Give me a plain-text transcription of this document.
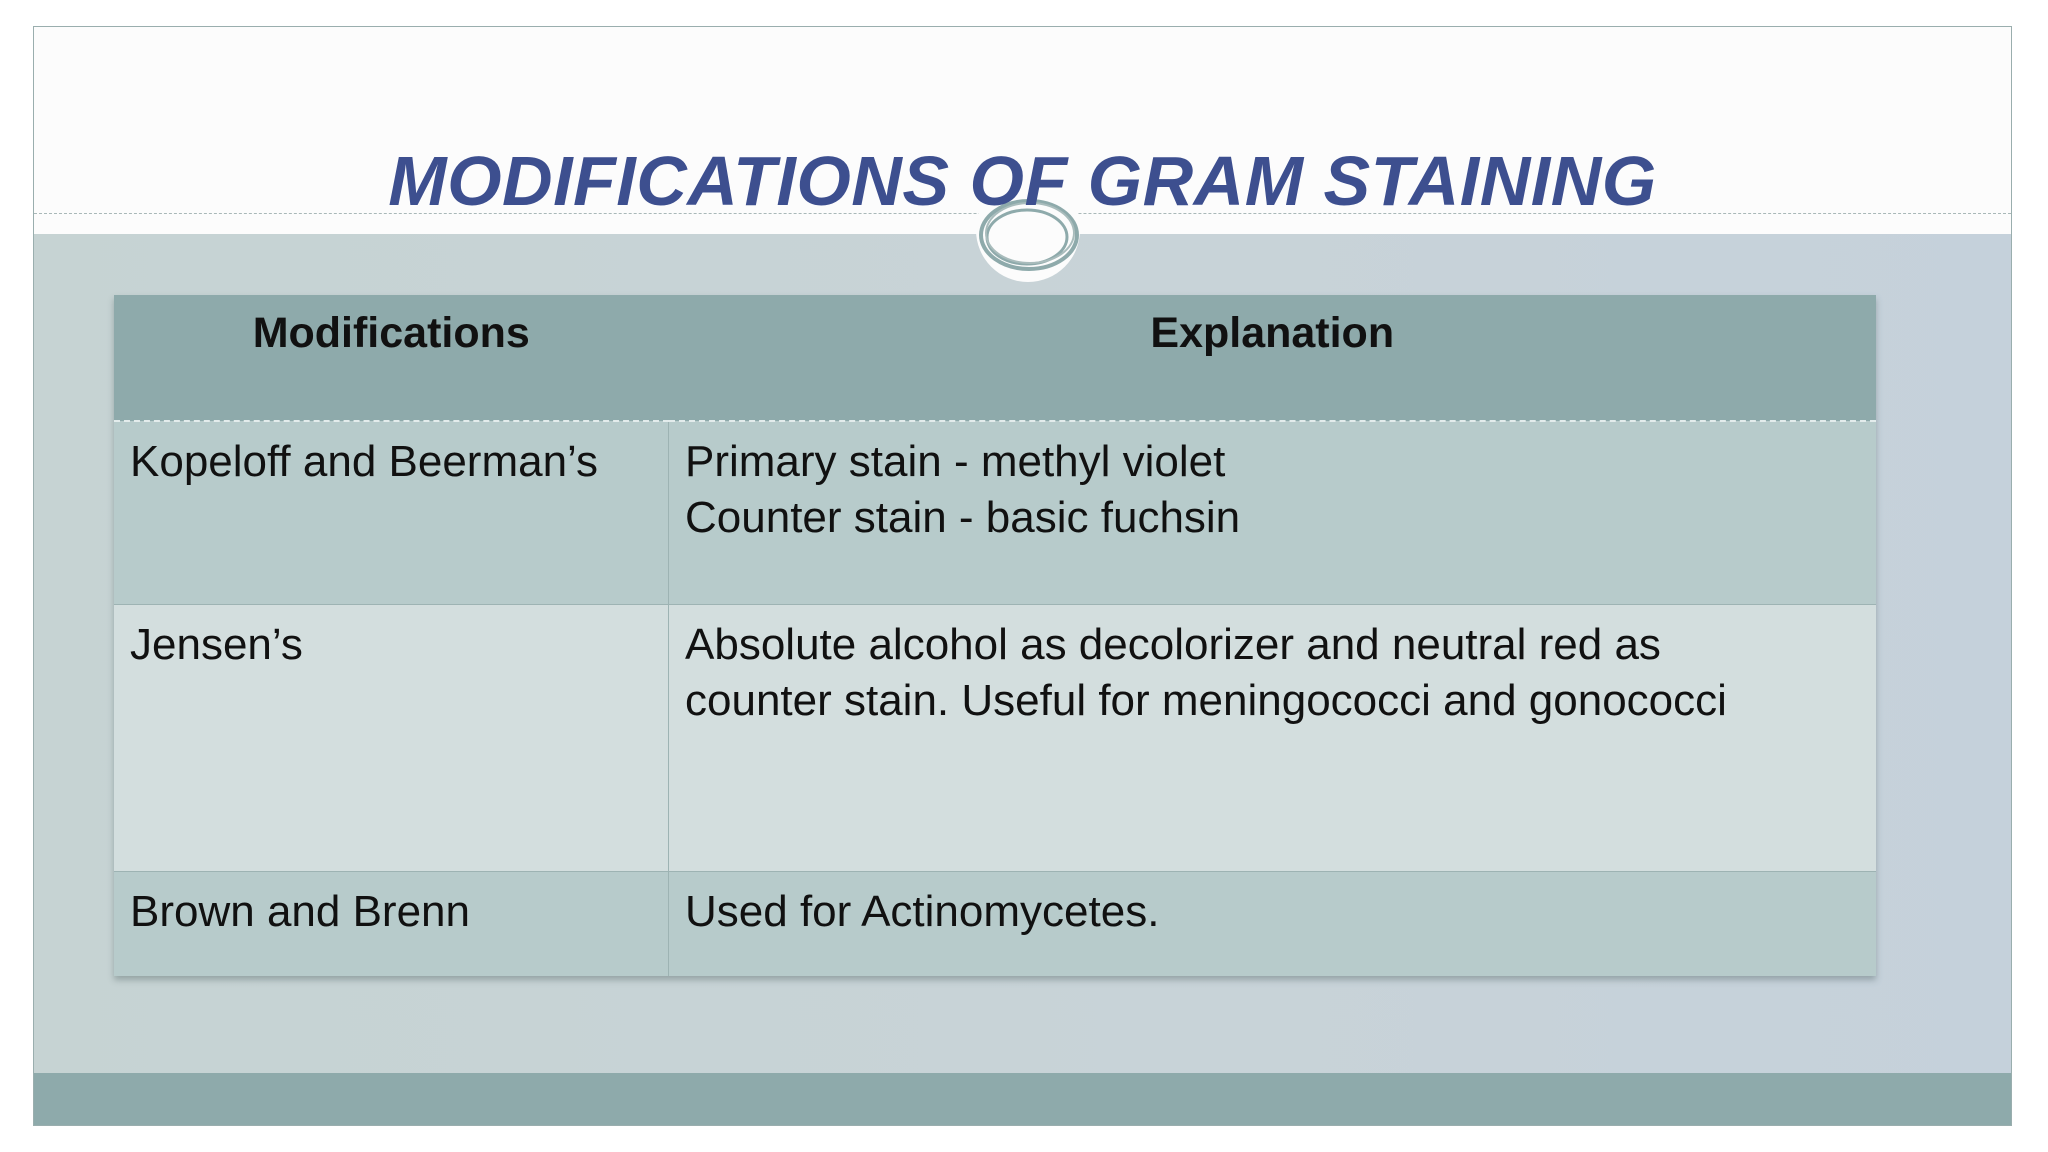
MODIFICATIONS OF GRAM STAINING
Modifications	Explanation
Kopeloff and Beerman’s	Primary stain - methyl violet
Counter stain - basic fuchsin

Jensen’s	Absolute alcohol as decolorizer and neutral red as
counter stain. Useful for meningococci and gonococci

Brown and Brenn	Used for Actinomycetes.
